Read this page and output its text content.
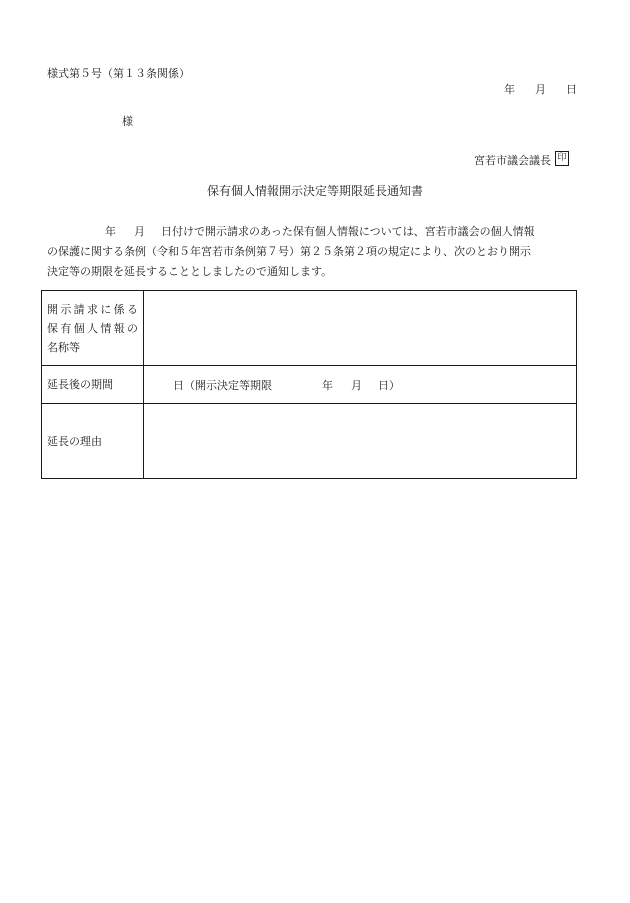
様式第５号（第１３条関係）
年 月 日
様
宮若市議会議長 印
保有個人情報開示決定等期限延長通知書
年 月 日付けで開示請求のあった保有個人情報については、宮若市議会の個人情報
の保護に関する条例（令和５年宮若市条例第７号）第２５条第２項の規定により、次のとおり開示
決定等の期限を延長することとしましたので通知します。
開示請求に係る
保有個人情報の
名称等	
延長後の期間	日（開示決定等期限 年 月 日）
延長の理由	
